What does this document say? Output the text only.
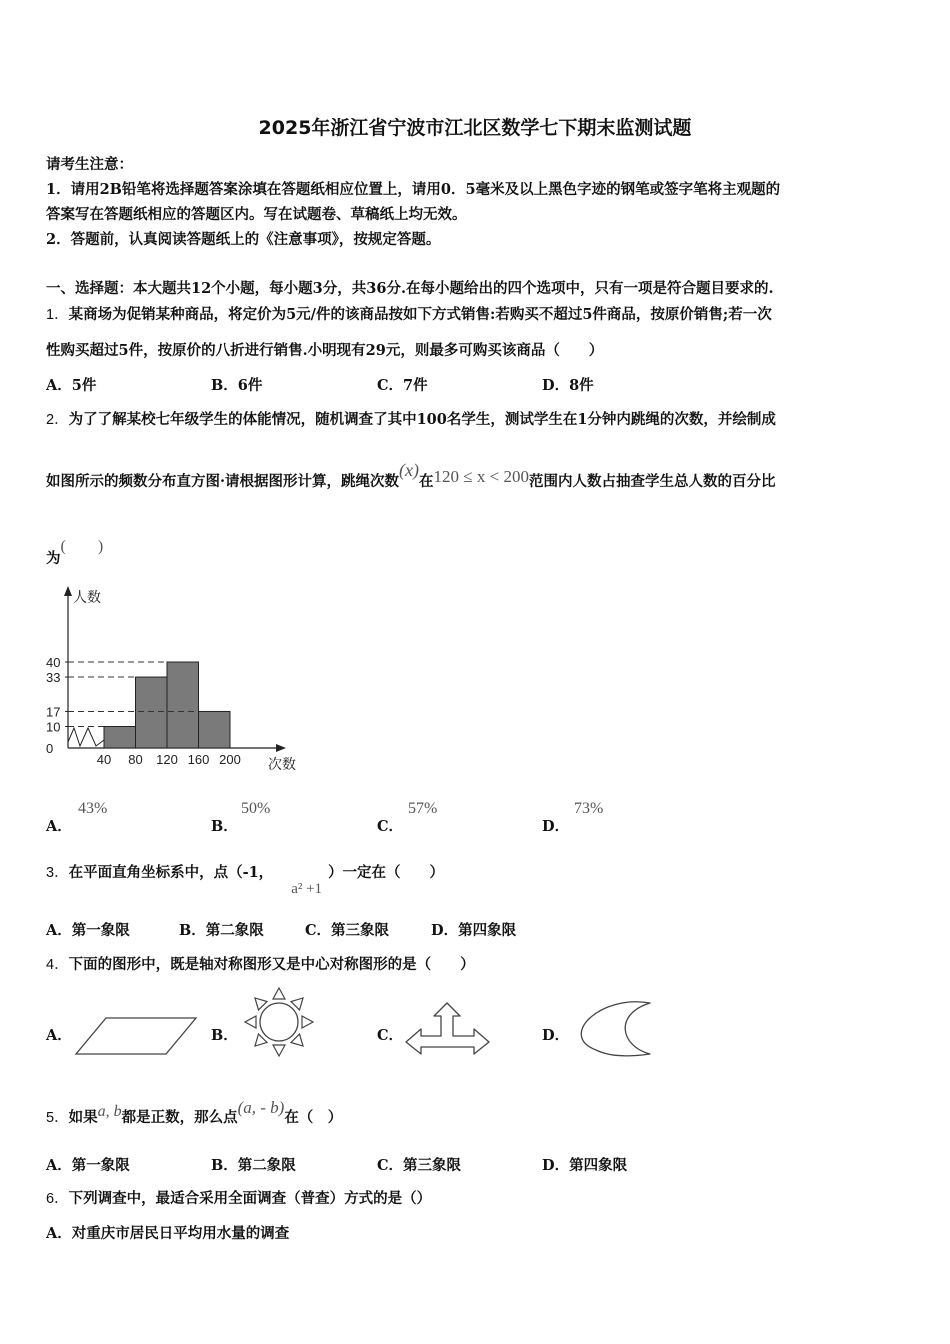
2025年浙江省宁波市江北区数学七下期末监测试题
请考生注意：
1．请用2B铅笔将选择题答案涂填在答题纸相应位置上，请用0．5毫米及以上黑色字迹的钢笔或签字笔将主观题的
答案写在答题纸相应的答题区内。写在试题卷、草稿纸上均无效。
2．答题前，认真阅读答题纸上的《注意事项》，按规定答题。
一、选择题：本大题共12个小题，每小题3分，共36分.在每小题给出的四个选项中，只有一项是符合题目要求的.
1．某商场为促销某种商品，将定价为5元/件的该商品按如下方式销售:若购买不超过5件商品，按原价销售;若一次
性购买超过5件，按原价的八折进行销售.小明现有29元，则最多可购买该商品（　　）
A．5件	B．6件	C．7件	D．8件
2．为了了解某校七年级学生的体能情况，随机调查了其中100名学生，测试学生在1分钟内跳绳的次数，并绘制成
如图所示的频数分布直方图·请根据图形计算，跳绳次数(x)在120 ≤ x < 200范围内人数占抽查学生总人数的百分比
为(　　)
人数
次数
0
10
17
33
40
40 80 120 160 200
A．
43%
B．
50%
C．
57%
D．
73%
3．在平面直角坐标系中，点（-1，a² +1）一定在（　　）
A．第一象限	B．第二象限	C．第三象限	D．第四象限
4．下面的图形中，既是轴对称图形又是中心对称图形的是（　　）
A．	B．	C．	D．
5．如果a, b都是正数，那么点(a, - b)在（　）
A．第一象限	B．第二象限	C．第三象限	D．第四象限
6．下列调查中，最适合采用全面调查（普查）方式的是（）
A．对重庆市居民日平均用水量的调查
